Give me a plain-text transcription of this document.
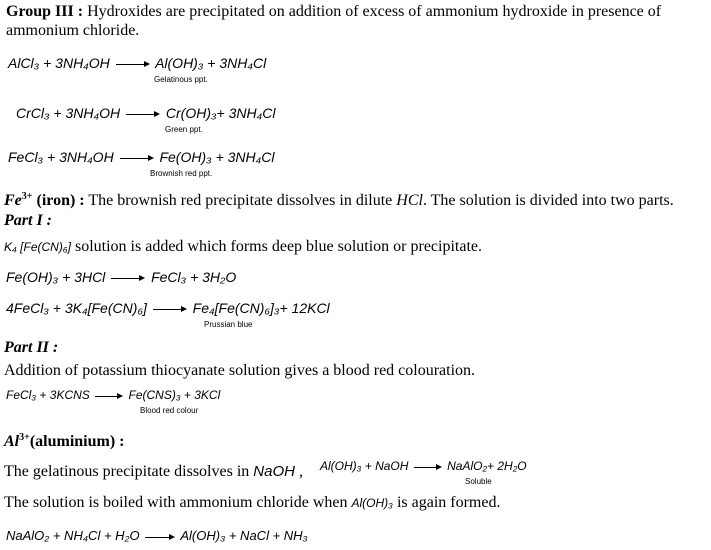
Group III : Hydroxides are precipitated on addition of excess of ammonium hydroxide in presence of
ammonium chloride.
AlCl₃ + 3NH₄OH	Al(OH)₃ + 3NH₄Cl
Gelatinous ppt.
CrCl₃ + 3NH₄OH	Cr(OH)₃+ 3NH₄Cl
Green ppt.
FeCl₃ + 3NH₄OH	Fe(OH)₃ + 3NH₄Cl
Brownish red ppt.
$Fe^{3+}$ (iron) : The brownish red precipitate dissolves in dilute HCl. The solution is divided into two parts.
Part I :
K₄ [Fe(CN)₆] solution is added which forms deep blue solution or precipitate.
Fe(OH)₃ + 3HCl	FeCl₃ + 3H₂O
4FeCl₃ + 3K₄[Fe(CN)₆]	Fe₄[Fe(CN)₆]₃+ 12KCl
Prussian blue
Part II :
Addition of potassium thiocyanate solution gives a blood red colouration.
FeCl₃ + 3KCNS	Fe(CNS)₃ + 3KCl
Blood red colour
$Al^{3+}(aluminium)$ :
The gelatinous precipitate dissolves in NaOH , Al(OH)₃ + NaOH	NaAlO₂+ 2H₂O
Soluble
The solution is boiled with ammonium chloride when Al(OH)₃ is again formed.
NaAlO₂ + NH₄Cl + H₂O	Al(OH)₃ + NaCl + NH₃
